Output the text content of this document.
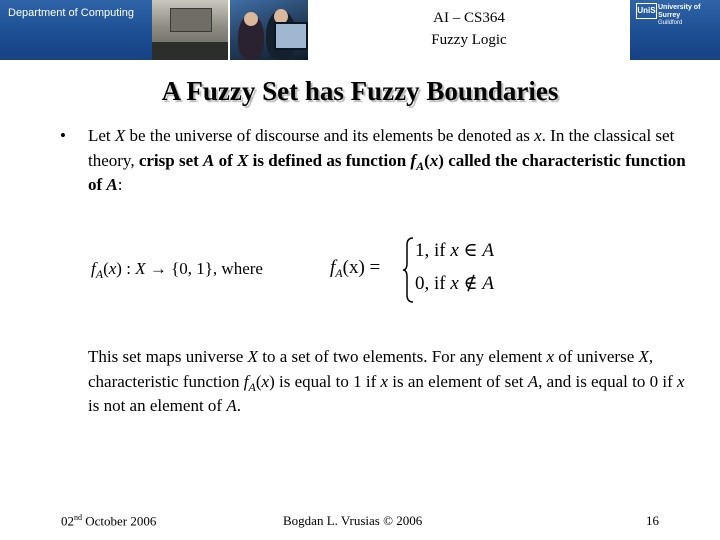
Department of Computing	AI – CS364
Fuzzy Logic
UniS University of Surrey
Guildford
A Fuzzy Set has Fuzzy Boundaries
• Let X be the universe of discourse and its elements be denoted as x. In the classical set theory, crisp set A of X is defined as function $f_A(x)$ called the characteristic function of A:
$f_A(x)$ : X → {0, 1}, where	$f_A(x)$ =
1, if x ∈ A
0, if x ∉ A
This set maps universe X to a set of two elements. For any element x of universe X, characteristic function $f_A(x)$ is equal to 1 if x is an element of set A, and is equal to 0 if x is not an element of A.
02nd October 2006	Bogdan L. Vrusias © 2006	16
